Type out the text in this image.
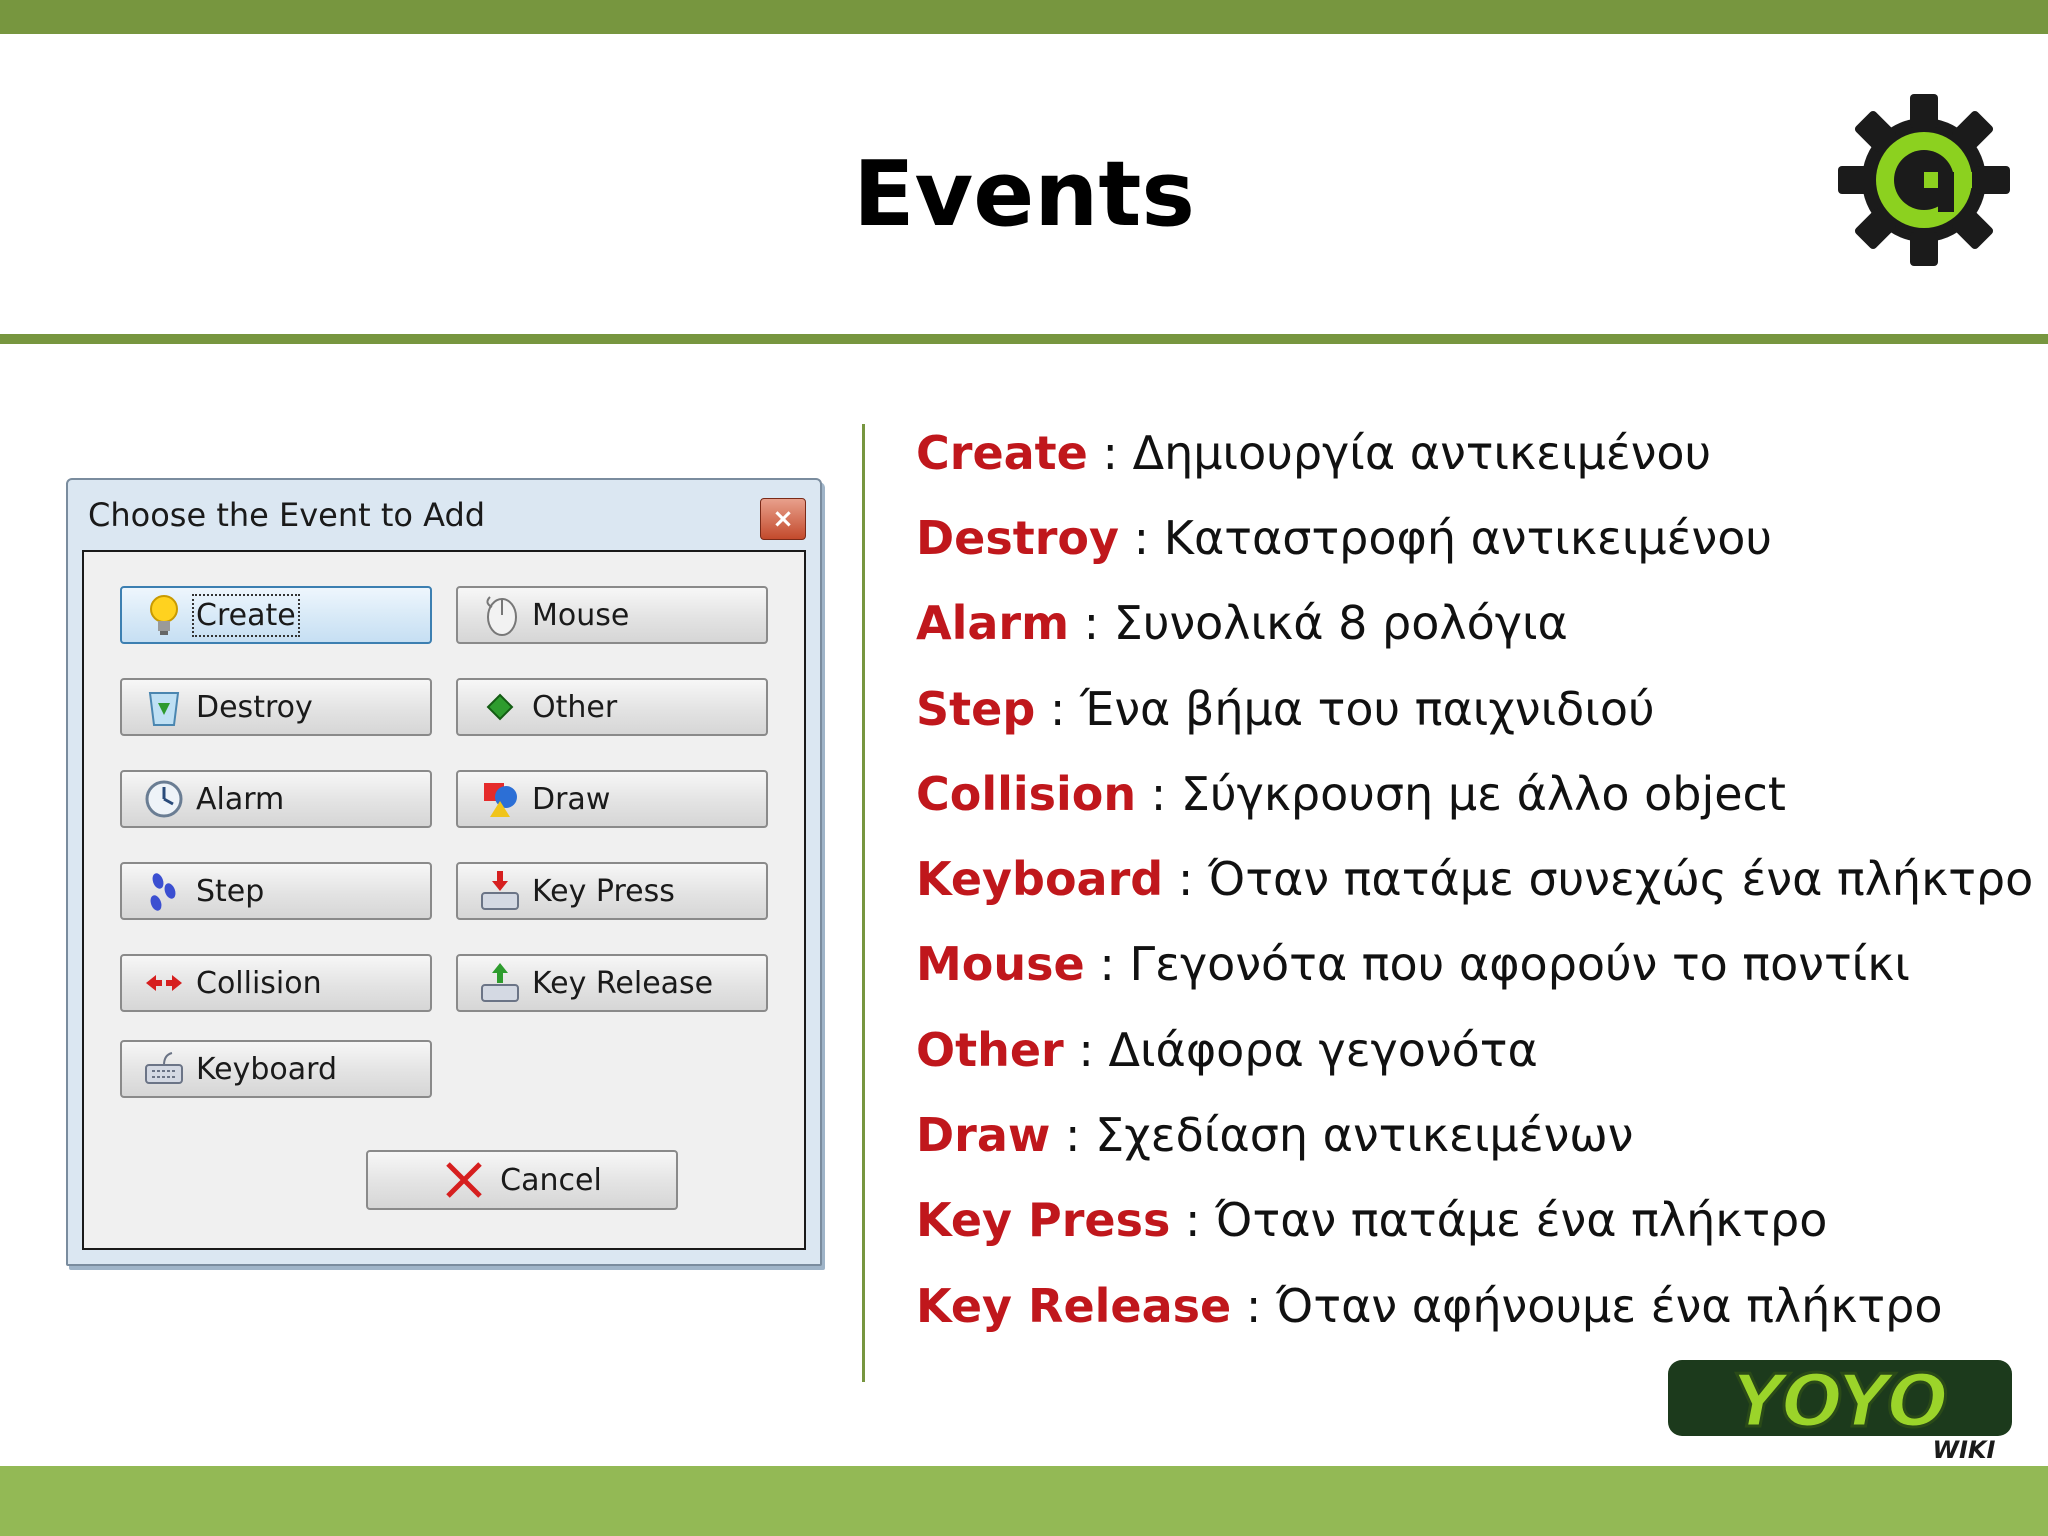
Events
Choose the Event to Add	×
Create	Mouse
Destroy	Other
Alarm	Draw
Step	Key Press
Collision	Key Release
Keyboard
Cancel
Create : Δημιουργία αντικειμένου
Destroy : Καταστροφή αντικειμένου
Alarm : Συνολικά 8 ρολόγια
Step : Ένα βήμα του παιχνιδιού
Collision : Σύγκρουση με άλλο object
Keyboard : Όταν πατάμε συνεχώς ένα πλήκτρο
Mouse : Γεγονότα που αφορούν το ποντίκι
Other : Διάφορα γεγονότα
Draw : Σχεδίαση αντικειμένων
Key Press : Όταν πατάμε ένα πλήκτρο
Key Release : Όταν αφήνουμε ένα πλήκτρο
YOYO
WIKI
